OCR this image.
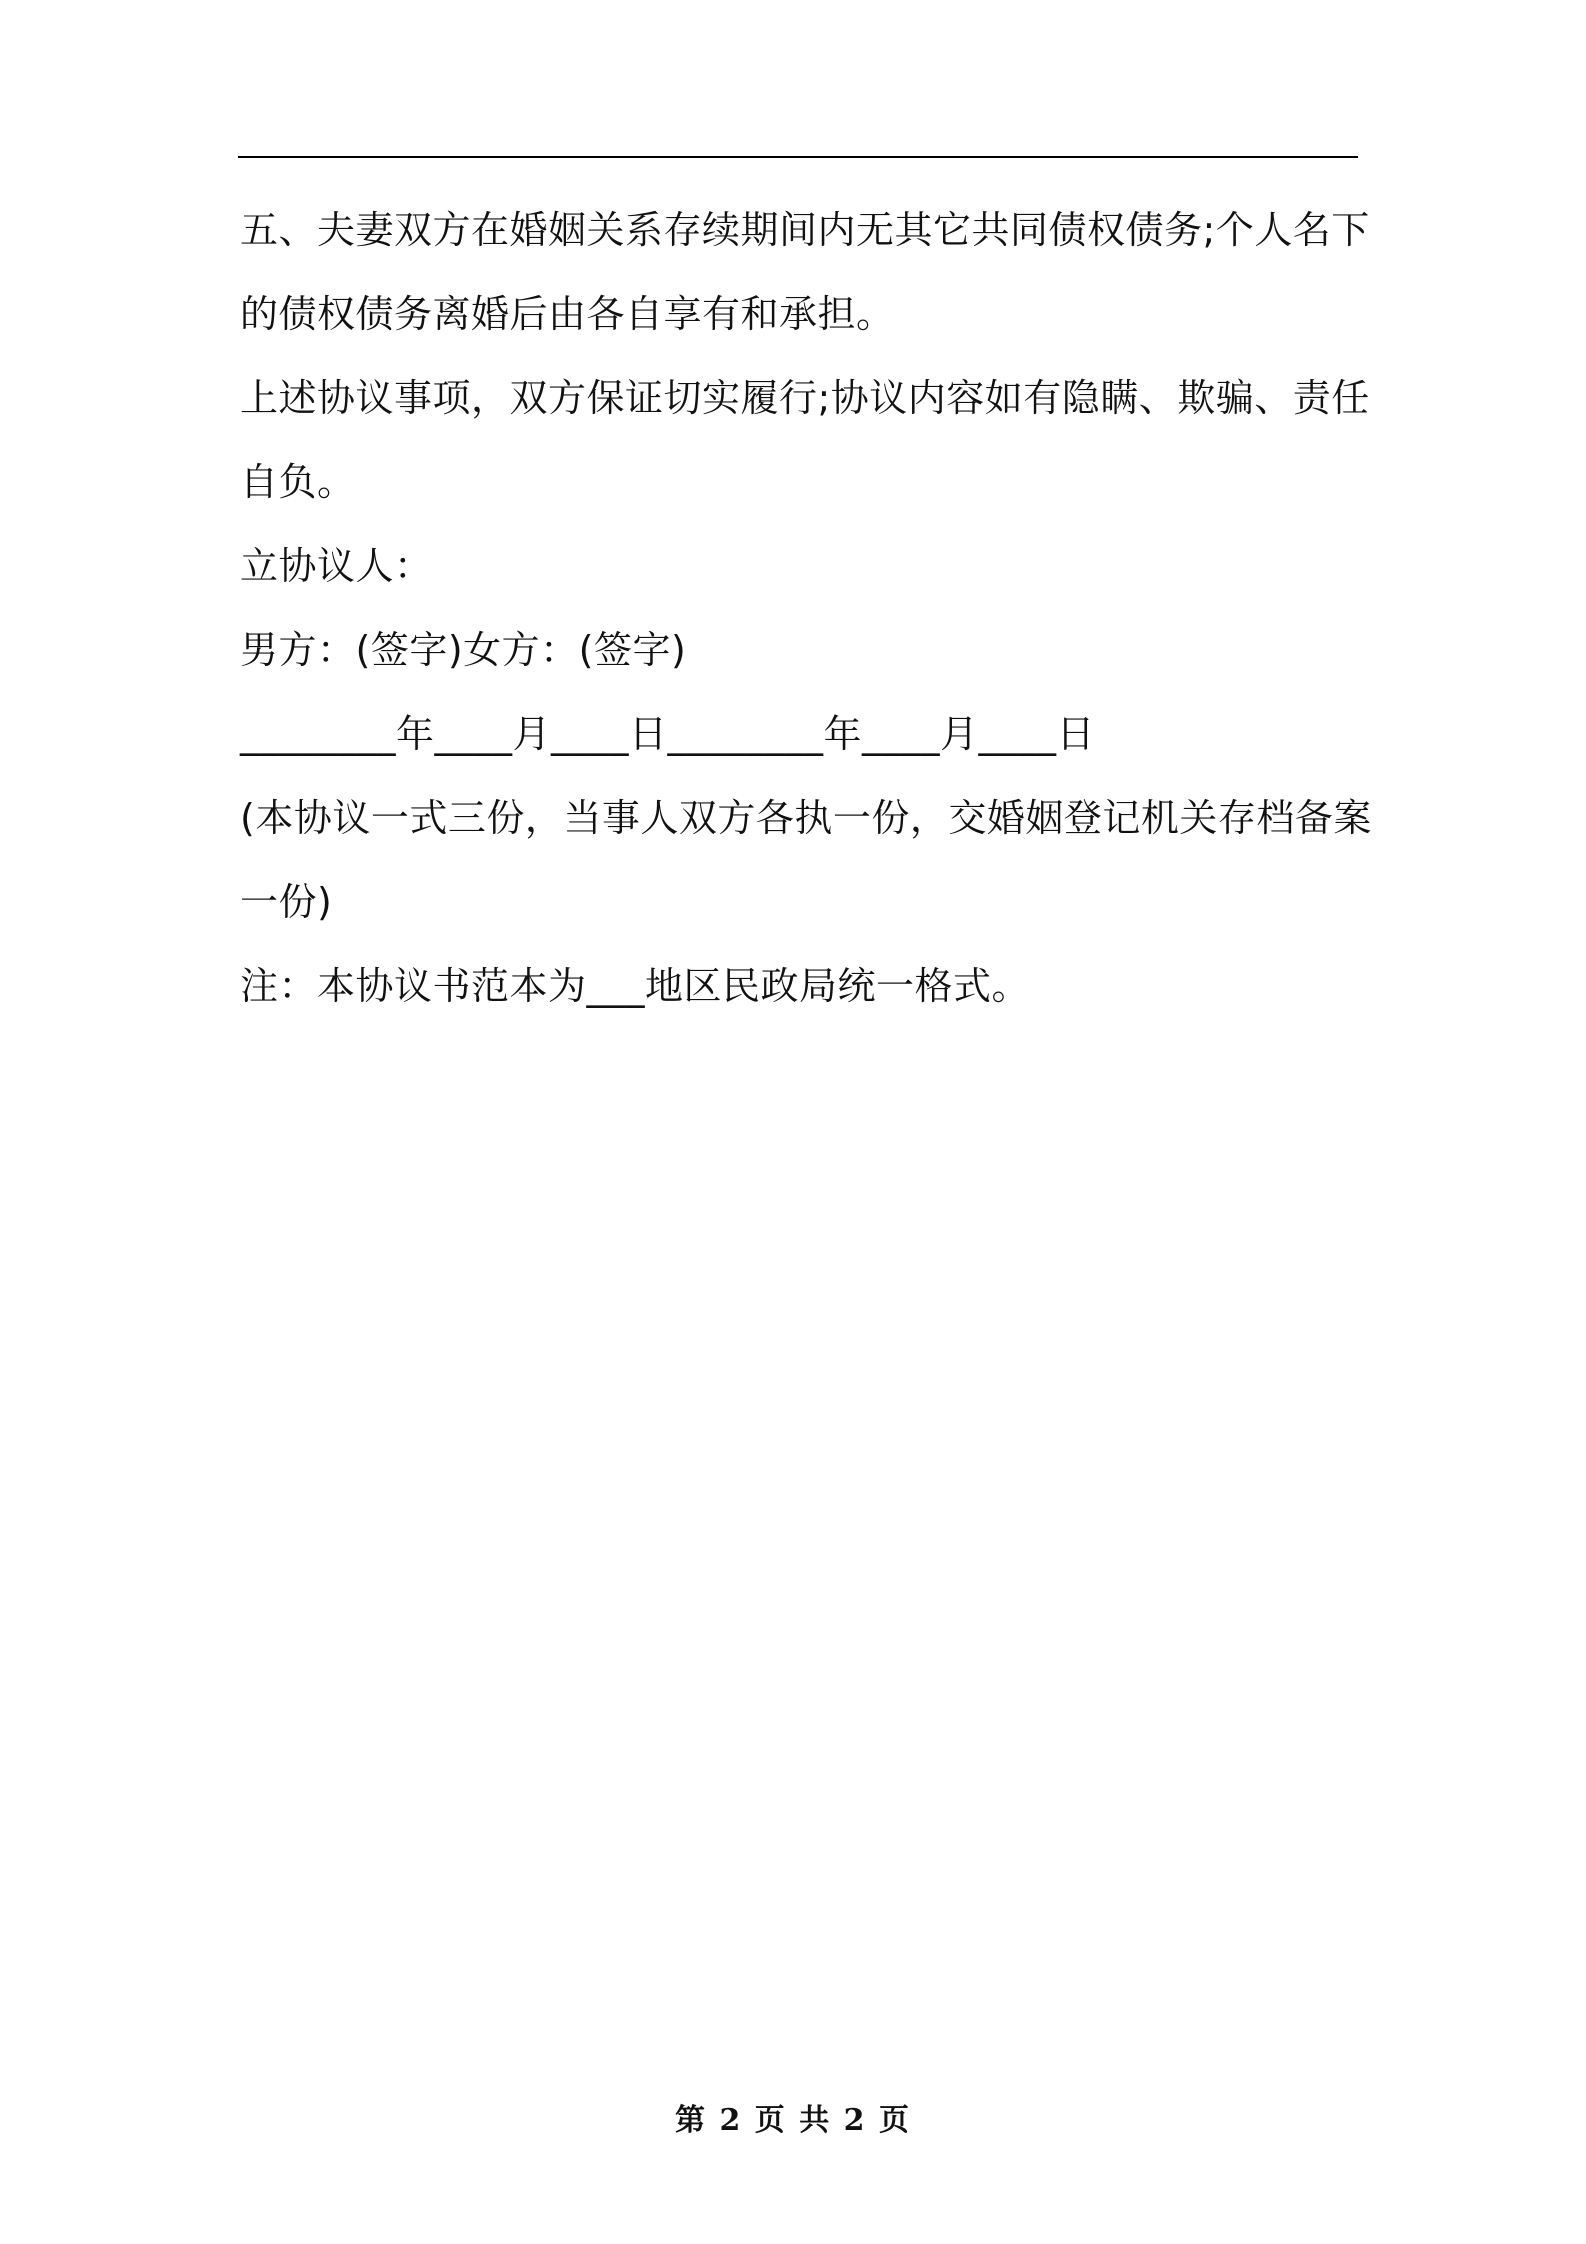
五、夫妻双方在婚姻关系存续期间内无其它共同债权债务;个人名下

的债权债务离婚后由各自享有和承担。

上述协议事项，双方保证切实履行;协议内容如有隐瞒、欺骗、责任

自负。

立协议人：

男方：(签字)女方：(签字)

________年____月____日________年____月____日

(本协议一式三份，当事人双方各执一份，交婚姻登记机关存档备案

一份)

注：本协议书范本为___地区民政局统一格式。

第 2 页 共 2 页
